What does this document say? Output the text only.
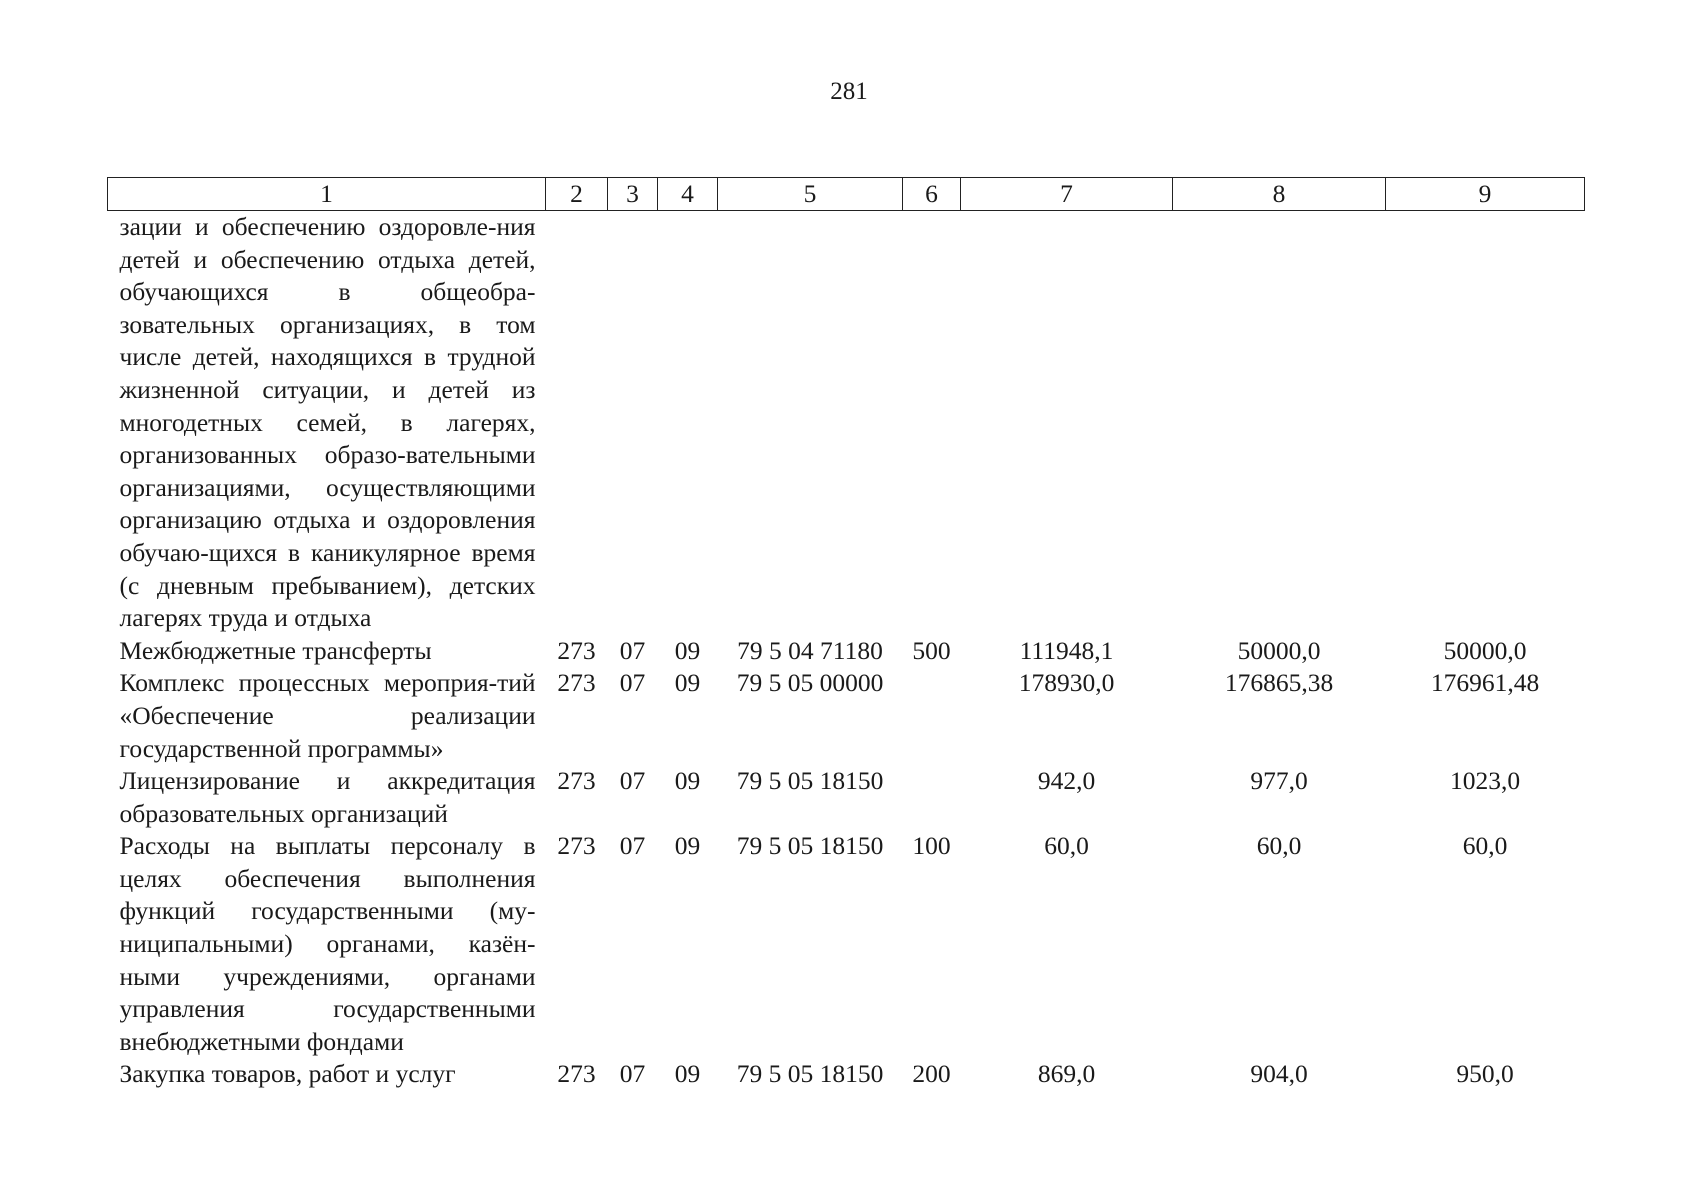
281
1	2	3	4	5	6	7	8	9
зации и обеспечению оздоровле-ния детей и обеспечению отдыха детей, обучающихся в общеобра-зовательных организациях, в том числе детей, находящихся в трудной жизненной ситуации, и детей из многодетных семей, в лагерях, организованных образо-вательными организациями, осуществляющими организацию отдыха и оздоровления обучаю-щихся в каникулярное время (с дневным пребыванием), детских лагерях труда и отдыха								
Межбюджетные трансферты	273	07	09	79 5 04 71180	500	111948,1	50000,0	50000,0
Комплекс процессных мероприя-тий «Обеспечение реализации государственной программы»	273	07	09	79 5 05 00000		178930,0	176865,38	176961,48
Лицензирование и аккредитация образовательных организаций	273	07	09	79 5 05 18150		942,0	977,0	1023,0
Расходы на выплаты персоналу в целях обеспечения выполнения функций государственными (му-ниципальными) органами, казён-ными учреждениями, органами управления государственными внебюджетными фондами	273	07	09	79 5 05 18150	100	60,0	60,0	60,0
Закупка товаров, работ и услуг	273	07	09	79 5 05 18150	200	869,0	904,0	950,0
